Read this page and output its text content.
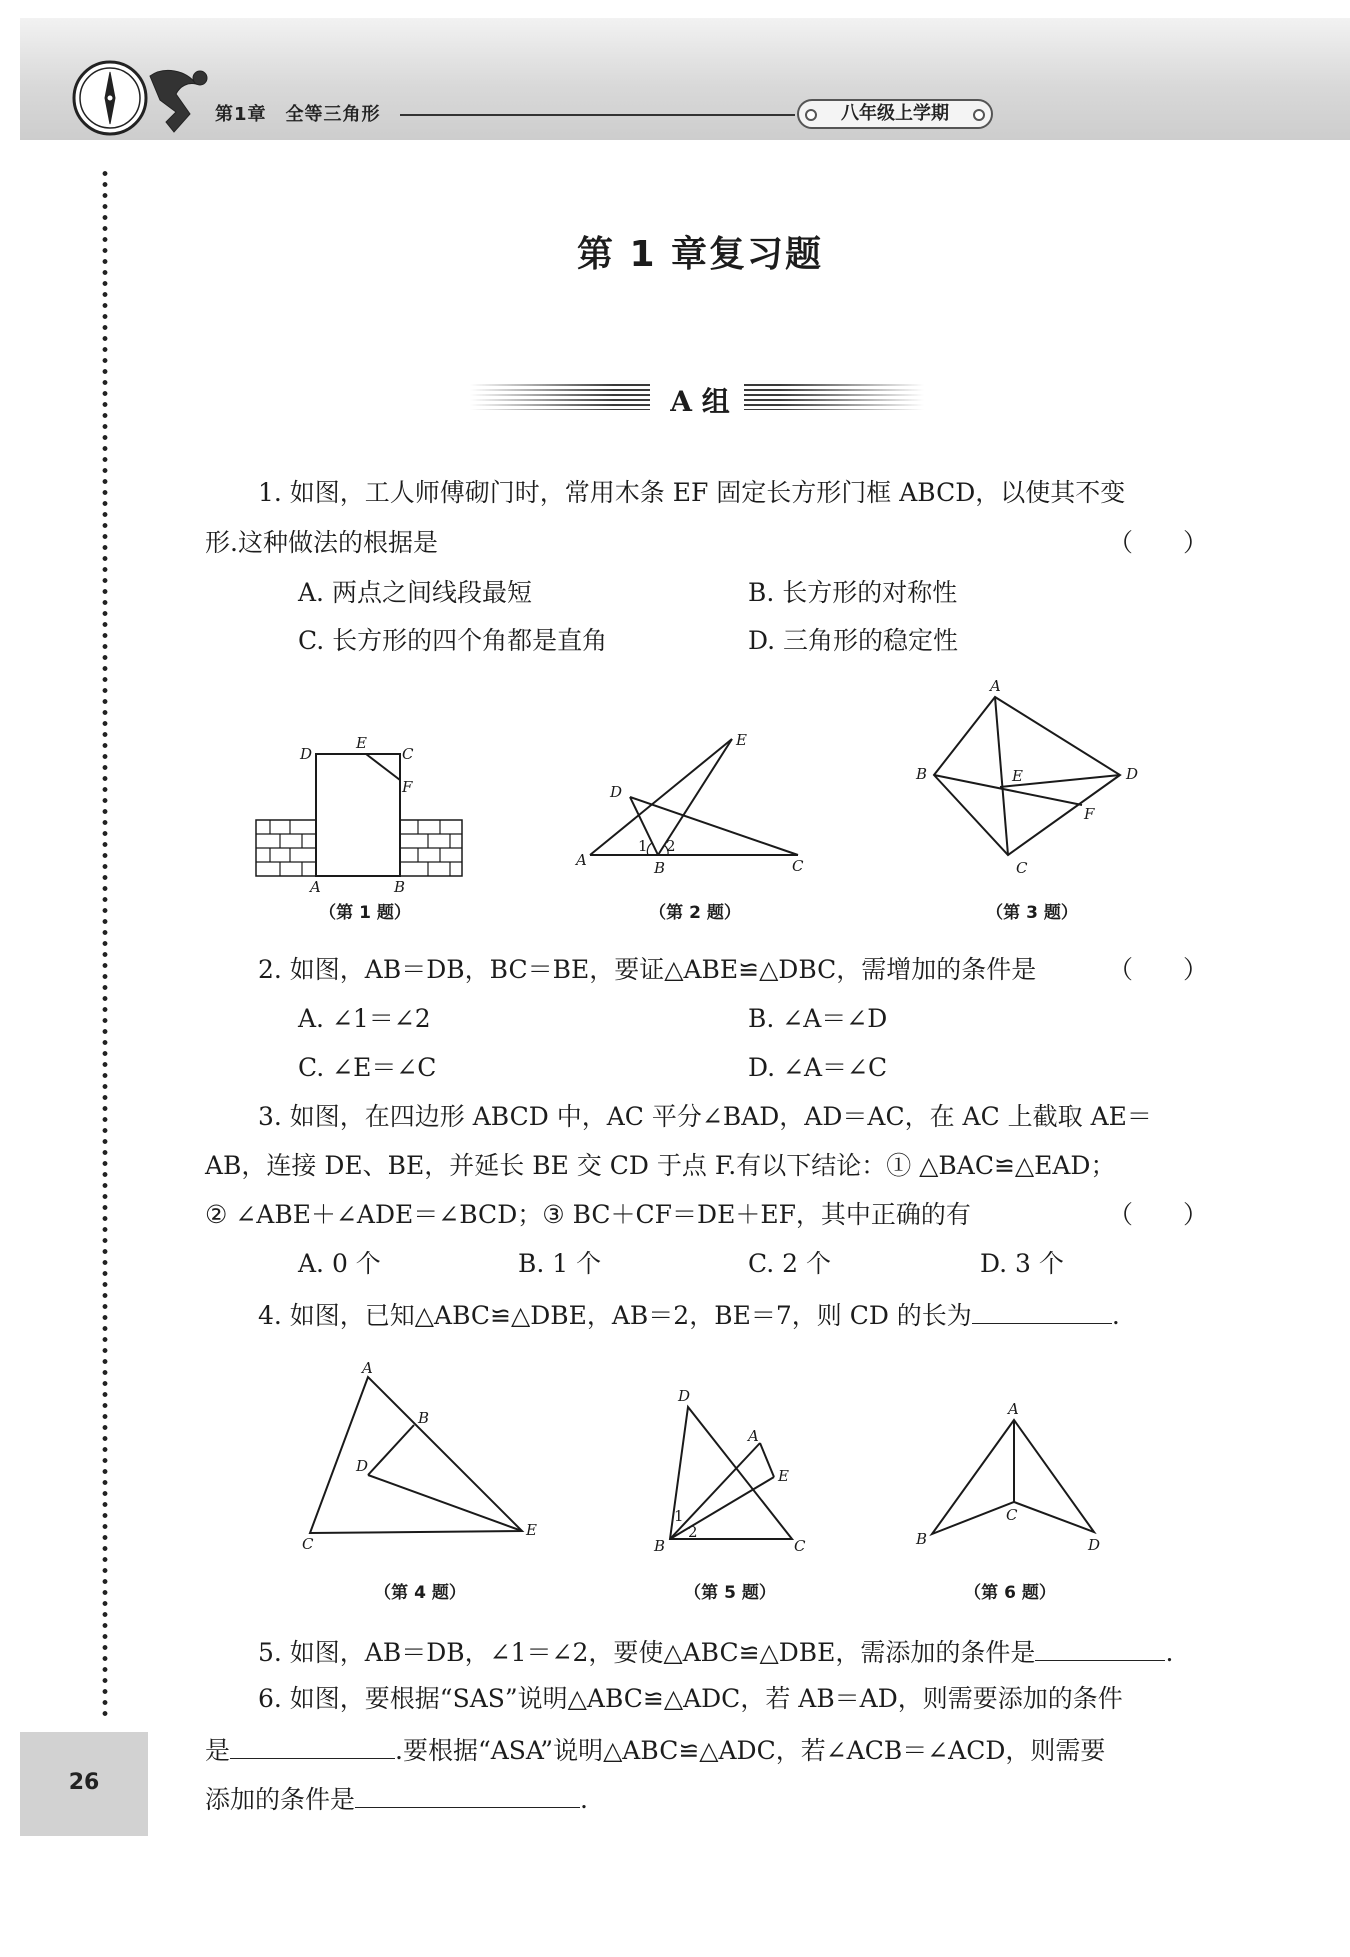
第1章　全等三角形	八年级上学期
26
第 1 章复习题
A 组
1. 如图，工人师傅砌门时，常用木条 EF 固定长方形门框 ABCD，以使其不变
形.这种做法的根据是	（　　）
A. 两点之间线段最短	B. 长方形的对称性
C. 长方形的四个角都是直角	D. 三角形的稳定性
D
E
C
F
A	B
（第 1 题）
E
D
A
1 2
B	C
（第 2 题）
A
B	E	D
F
C
（第 3 题）
2. 如图，AB＝DB，BC＝BE，要证△ABE≌△DBC，需增加的条件是	（　　）
A. ∠1＝∠2	B. ∠A＝∠D
C. ∠E＝∠C	D. ∠A＝∠C
3. 如图，在四边形 ABCD 中，AC 平分∠BAD，AD＝AC，在 AC 上截取 AE＝
AB，连接 DE、BE，并延长 BE 交 CD 于点 F.有以下结论：① △BAC≌△EAD；
② ∠ABE＋∠ADE＝∠BCD；③ BC＋CF＝DE＋EF，其中正确的有	（　　）
A. 0 个	B. 1 个	C. 2 个	D. 3 个
4. 如图，已知△ABC≌△DBE，AB＝2，BE＝7，则 CD 的长为	.
A
B
D
C
E
（第 4 题）
D
A
E
1
2
B	C
（第 5 题）
A
C
B	D
（第 6 题）
5. 如图，AB＝DB，∠1＝∠2，要使△ABC≌△DBE，需添加的条件是	.
6. 如图，要根据“SAS”说明△ABC≌△ADC，若 AB＝AD，则需要添加的条件
是	.要根据“ASA”说明△ABC≌△ADC，若∠ACB＝∠ACD，则需要
添加的条件是	.
